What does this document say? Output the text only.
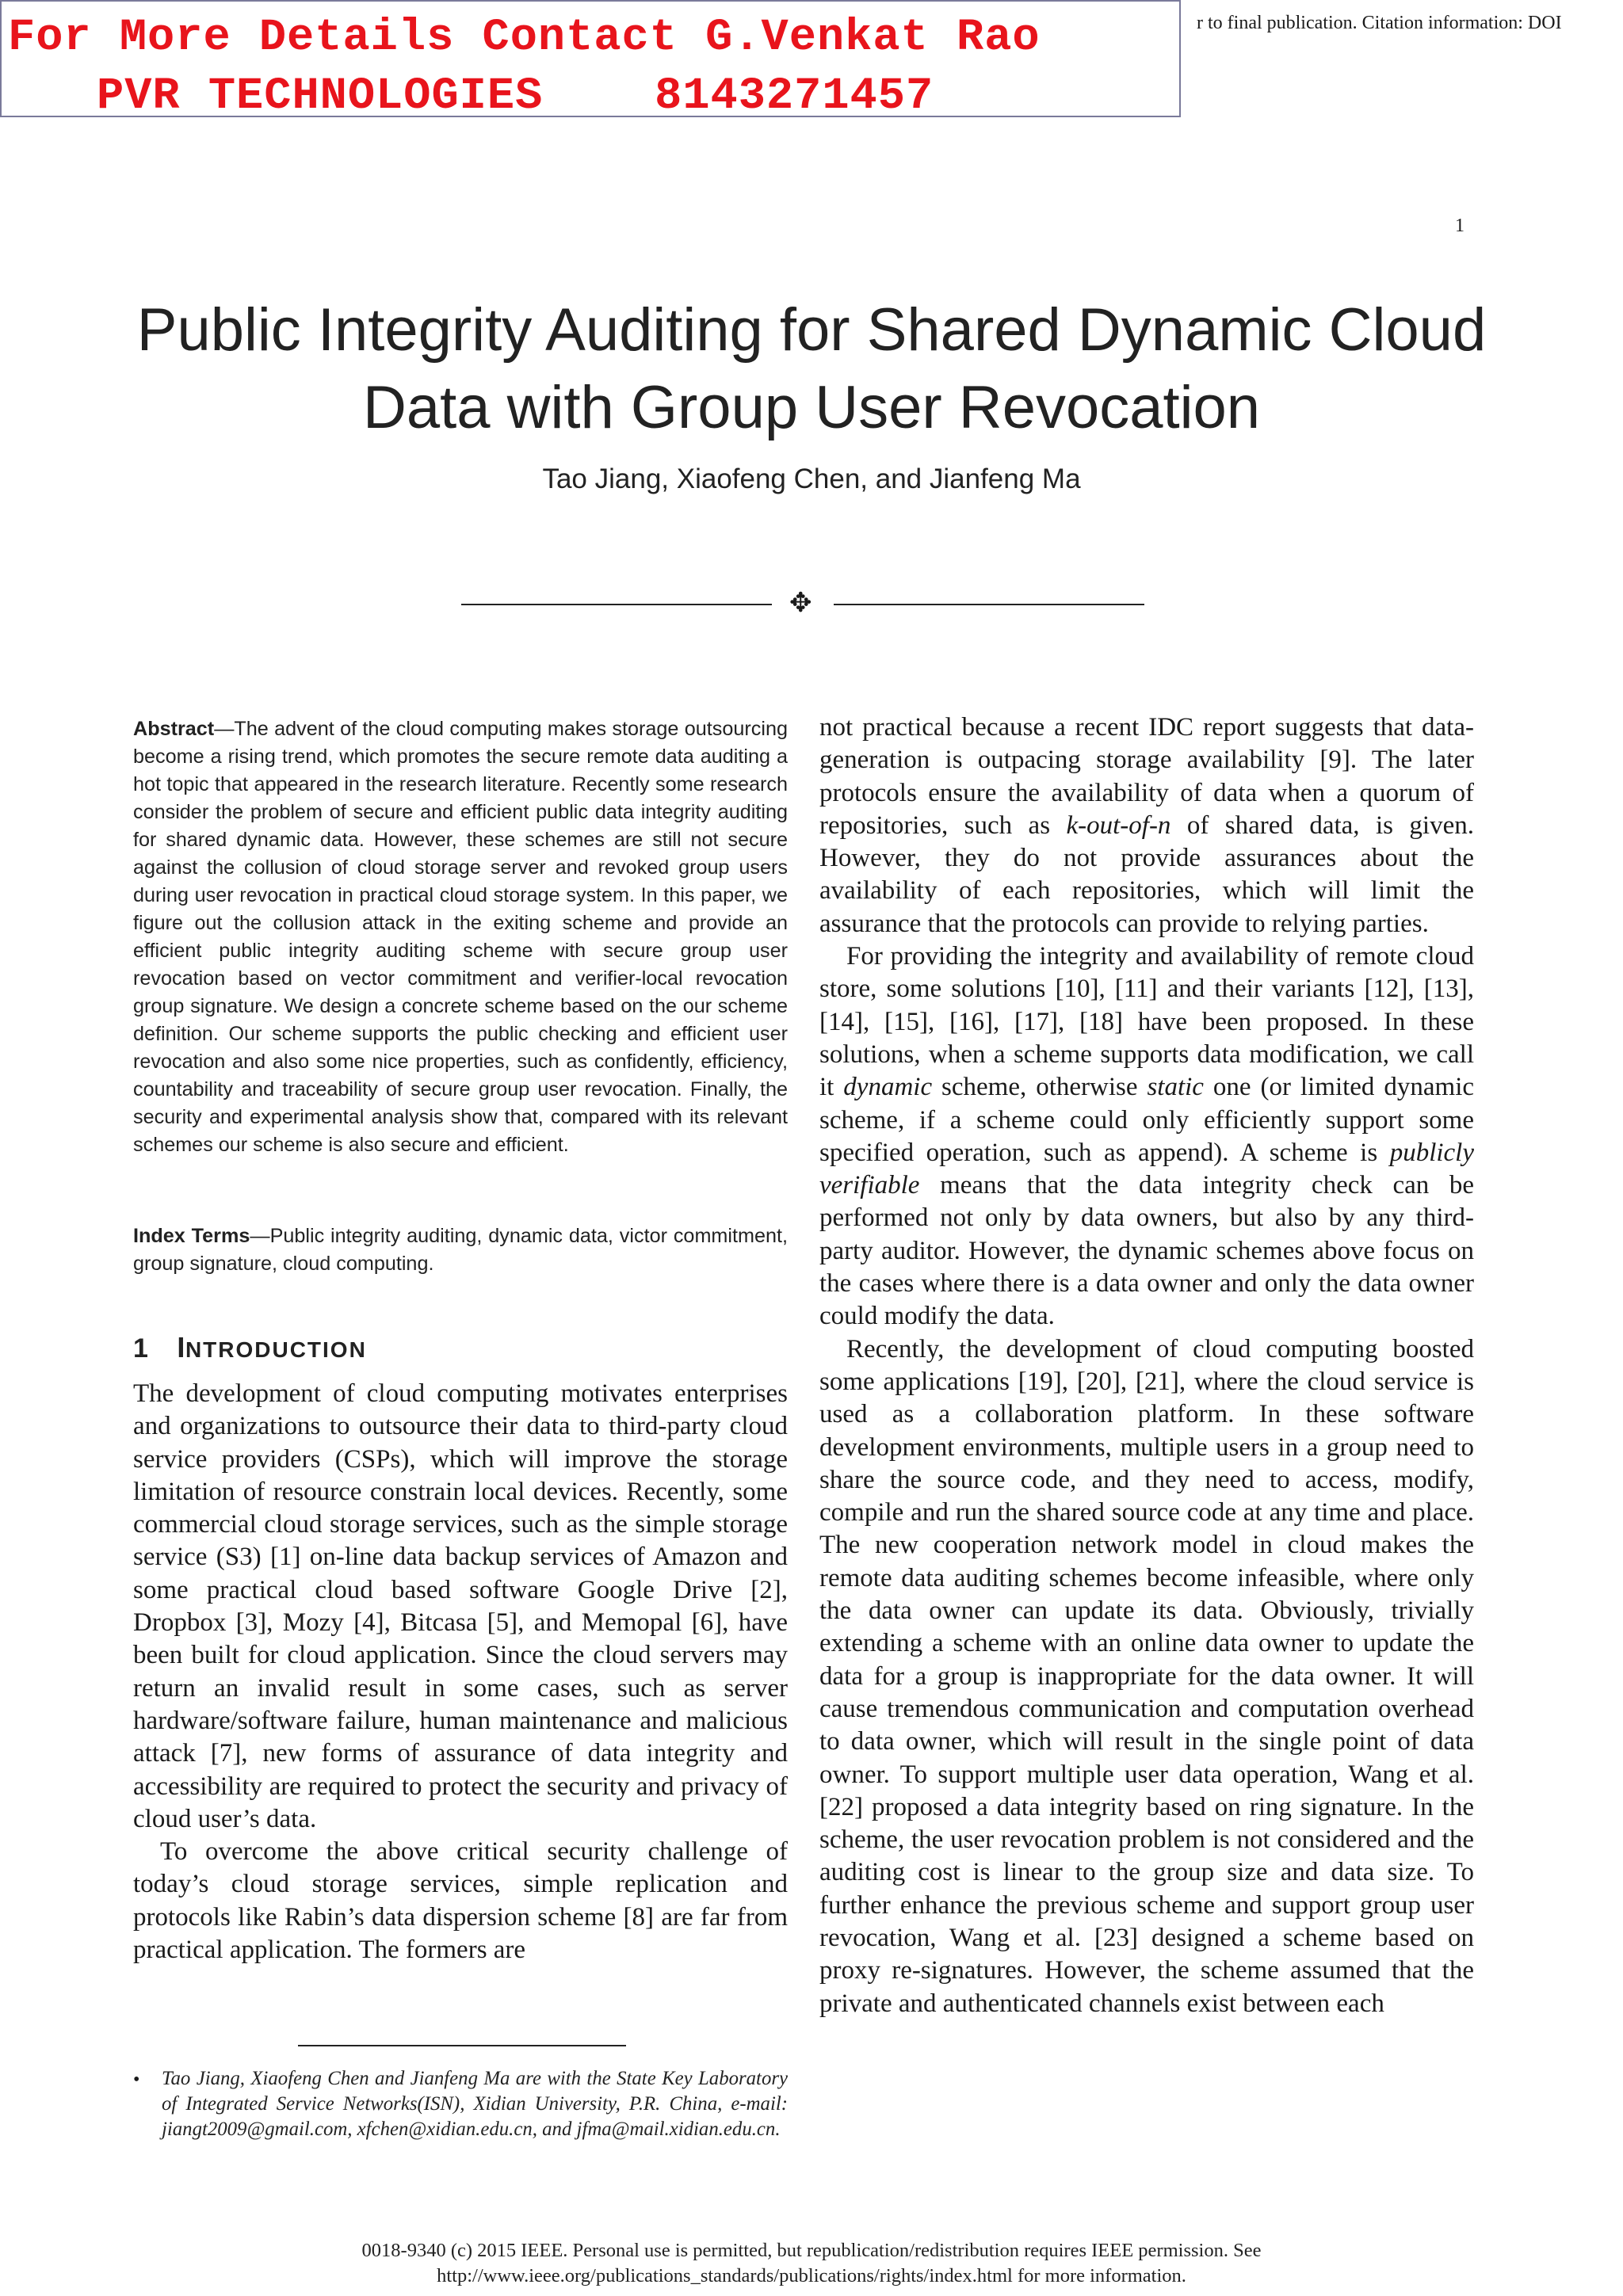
For More Details Contact G.Venkat Rao
PVR TECHNOLOGIES    8143271457
r to final publication. Citation information: DOI
1
Public Integrity Auditing for Shared Dynamic Cloud Data with Group User Revocation
Tao Jiang, Xiaofeng Chen, and Jianfeng Ma
✥
Abstract—The advent of the cloud computing makes storage outsourcing become a rising trend, which promotes the secure remote data auditing a hot topic that appeared in the research literature. Recently some research consider the problem of secure and efficient public data integrity auditing for shared dynamic data. However, these schemes are still not secure against the collusion of cloud storage server and revoked group users during user revocation in practical cloud storage system. In this paper, we figure out the collusion attack in the exiting scheme and provide an efficient public integrity auditing scheme with secure group user revocation based on vector commitment and verifier-local revocation group signature. We design a concrete scheme based on the our scheme definition. Our scheme supports the public checking and efficient user revocation and also some nice properties, such as confidently, efficiency, countability and traceability of secure group user revocation. Finally, the security and experimental analysis show that, compared with its relevant schemes our scheme is also secure and efficient.
Index Terms—Public integrity auditing, dynamic data, victor commitment, group signature, cloud computing.
1 INTRODUCTION

The development of cloud computing motivates enterprises and organizations to outsource their data to third-party cloud service providers (CSPs), which will improve the storage limitation of resource constrain local devices. Recently, some commercial cloud storage services, such as the simple storage service (S3) [1] on-line data backup services of Amazon and some practical cloud based software Google Drive [2], Dropbox [3], Mozy [4], Bitcasa [5], and Memopal [6], have been built for cloud application. Since the cloud servers may return an invalid result in some cases, such as server hardware/software failure, human maintenance and malicious attack [7], new forms of assurance of data integrity and accessibility are required to protect the security and privacy of cloud user’s data.

To overcome the above critical security challenge of today’s cloud storage services, simple replication and protocols like Rabin’s data dispersion scheme [8] are far from practical application. The formers are

not practical because a recent IDC report suggests that data-generation is outpacing storage availability [9]. The later protocols ensure the availability of data when a quorum of repositories, such as k-out-of-n of shared data, is given. However, they do not provide assurances about the availability of each repositories, which will limit the assurance that the protocols can provide to relying parties.

For providing the integrity and availability of remote cloud store, some solutions [10], [11] and their variants [12], [13], [14], [15], [16], [17], [18] have been proposed. In these solutions, when a scheme supports data modification, we call it dynamic scheme, otherwise static one (or limited dynamic scheme, if a scheme could only efficiently support some specified operation, such as append). A scheme is publicly verifiable means that the data integrity check can be performed not only by data owners, but also by any third-party auditor. However, the dynamic schemes above focus on the cases where there is a data owner and only the data owner could modify the data.

Recently, the development of cloud computing boosted some applications [19], [20], [21], where the cloud service is used as a collaboration platform. In these software development environments, multiple users in a group need to share the source code, and they need to access, modify, compile and run the shared source code at any time and place. The new cooperation network model in cloud makes the remote data auditing schemes become infeasible, where only the data owner can update its data. Obviously, trivially extending a scheme with an online data owner to update the data for a group is inappropriate for the data owner. It will cause tremendous communication and computation overhead to data owner, which will result in the single point of data owner. To support multiple user data operation, Wang et al. [22] proposed a data integrity based on ring signature. In the scheme, the user revocation problem is not considered and the auditing cost is linear to the group size and data size. To further enhance the previous scheme and support group user revocation, Wang et al. [23] designed a scheme based on proxy re-signatures. However, the scheme assumed that the private and authenticated channels exist between each

• Tao Jiang, Xiaofeng Chen and Jianfeng Ma are with the State Key Laboratory of Integrated Service Networks(ISN), Xidian University, P.R. China, e-mail: jiangt2009@gmail.com, xfchen@xidian.edu.cn, and jfma@mail.xidian.edu.cn.
0018-9340 (c) 2015 IEEE. Personal use is permitted, but republication/redistribution requires IEEE permission. See
http://www.ieee.org/publications_standards/publications/rights/index.html for more information.
